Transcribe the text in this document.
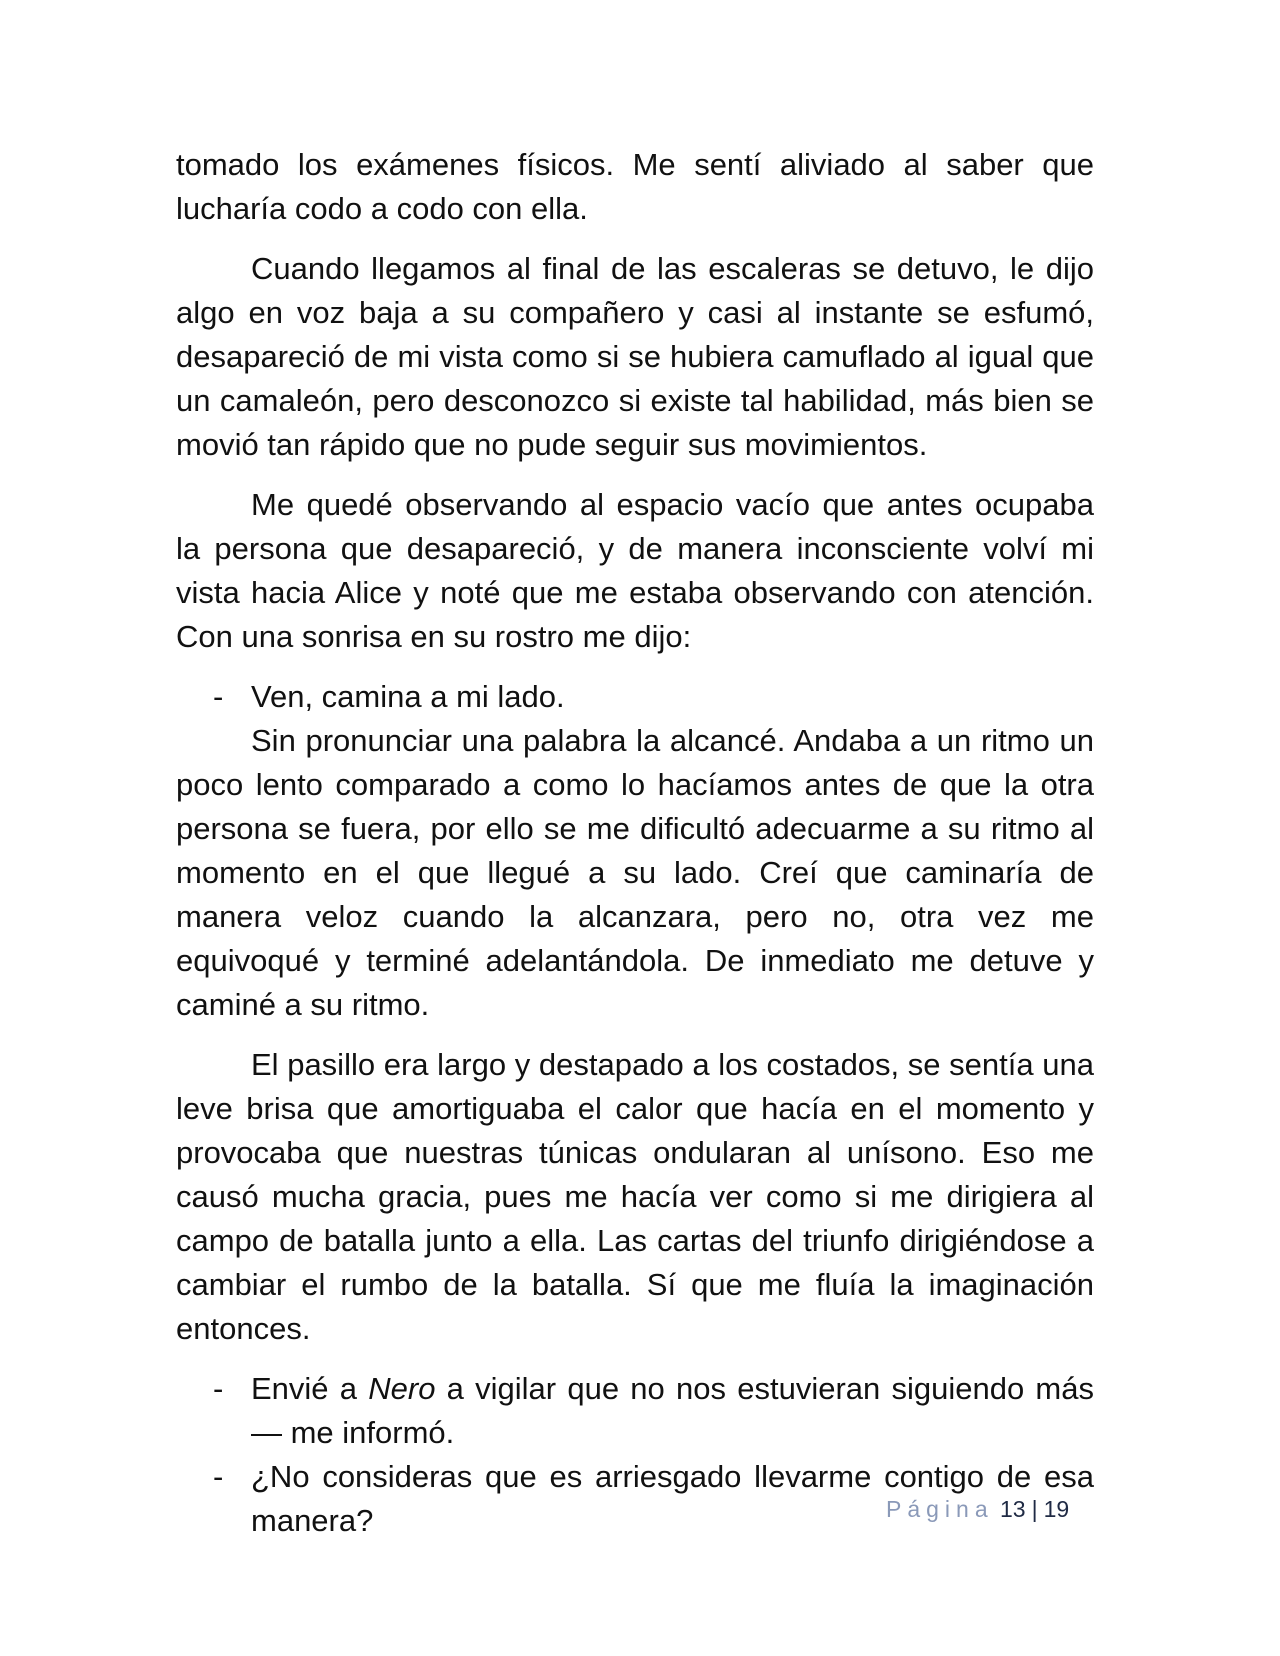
tomado los exámenes físicos. Me sentí aliviado al saber que lucharía codo a codo con ella.

Cuando llegamos al final de las escaleras se detuvo, le dijo algo en voz baja a su compañero y casi al instante se esfumó, desapareció de mi vista como si se hubiera camuflado al igual que un camaleón, pero desconozco si existe tal habilidad, más bien se movió tan rápido que no pude seguir sus movimientos.

Me quedé observando al espacio vacío que antes ocupaba la persona que desapareció, y de manera inconsciente volví mi vista hacia Alice y noté que me estaba observando con atención. Con una sonrisa en su rostro me dijo:

- Ven, camina a mi lado.

Sin pronunciar una palabra la alcancé. Andaba a un ritmo un poco lento comparado a como lo hacíamos antes de que la otra persona se fuera, por ello se me dificultó adecuarme a su ritmo al momento en el que llegué a su lado. Creí que caminaría de manera veloz cuando la alcanzara, pero no, otra vez me equivoqué y terminé adelantándola. De inmediato me detuve y caminé a su ritmo.

El pasillo era largo y destapado a los costados, se sentía una leve brisa que amortiguaba el calor que hacía en el momento y provocaba que nuestras túnicas ondularan al unísono. Eso me causó mucha gracia, pues me hacía ver como si me dirigiera al campo de batalla junto a ella. Las cartas del triunfo dirigiéndose a cambiar el rumbo de la batalla. Sí que me fluía la imaginación entonces.

- Envié a Nero a vigilar que no nos estuvieran siguiendo más — me informó.

- ¿No consideras que es arriesgado llevarme contigo de esa manera?	Página 13 | 19
